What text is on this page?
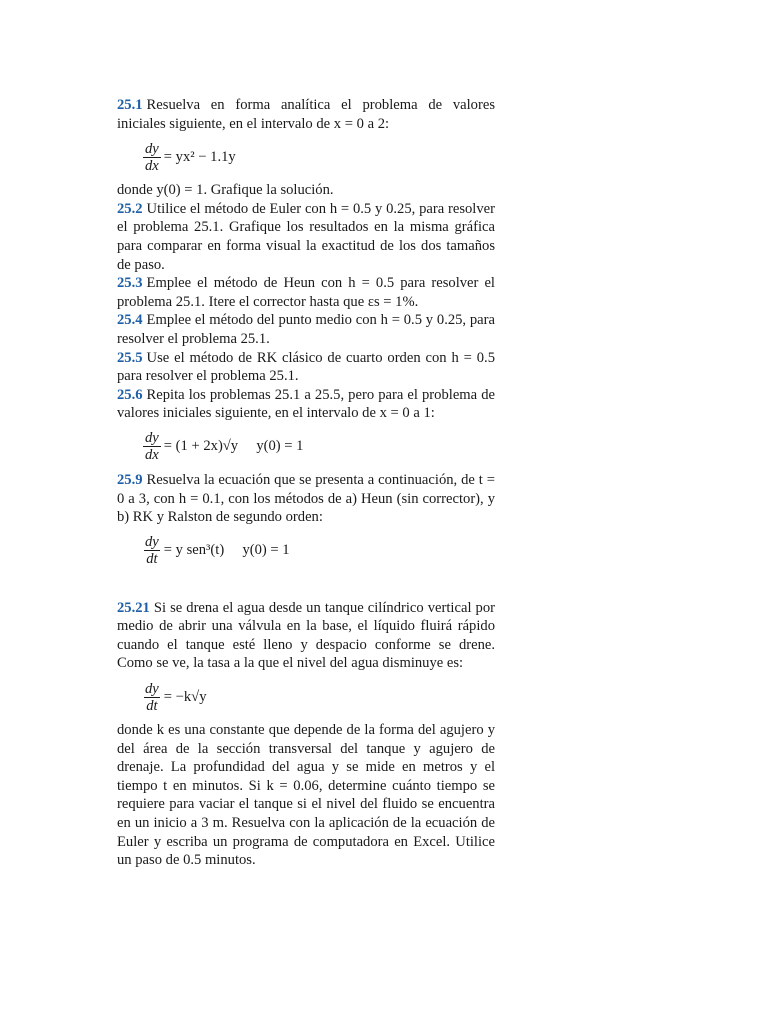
25.1 Resuelva en forma analítica el problema de valores iniciales siguiente, en el intervalo de x = 0 a 2:

$\frac{dy}{dx} = yx^2 - 1.1y$

donde y(0) = 1. Grafique la solución.

25.2 Utilice el método de Euler con h = 0.5 y 0.25, para resolver el problema 25.1. Grafique los resultados en la misma gráfica para comparar en forma visual la exactitud de los dos tamaños de paso.

25.3 Emplee el método de Heun con h = 0.5 para resolver el problema 25.1. Itere el corrector hasta que εs = 1%.

25.4 Emplee el método del punto medio con h = 0.5 y 0.25, para resolver el problema 25.1.

25.5 Use el método de RK clásico de cuarto orden con h = 0.5 para resolver el problema 25.1.

25.6 Repita los problemas 25.1 a 25.5, pero para el problema de valores iniciales siguiente, en el intervalo de x = 0 a 1:

$\frac{dy}{dx} = (1 + 2x)√y$     y(0) = 1

25.9 Resuelva la ecuación que se presenta a continuación, de t = 0 a 3, con h = 0.1, con los métodos de a) Heun (sin corrector), y b) RK y Ralston de segundo orden:

$\frac{dy}{dt} = y$ sen³(t)     y(0) = 1

25.21 Si se drena el agua desde un tanque cilíndrico vertical por medio de abrir una válvula en la base, el líquido fluirá rápido cuando el tanque esté lleno y despacio conforme se drene. Como se ve, la tasa a la que el nivel del agua disminuye es:

$\frac{dy}{dt} = -k√y$

donde k es una constante que depende de la forma del agujero y del área de la sección transversal del tanque y agujero de drenaje. La profundidad del agua y se mide en metros y el tiempo t en minutos. Si k = 0.06, determine cuánto tiempo se requiere para vaciar el tanque si el nivel del fluido se encuentra en un inicio a 3 m. Resuelva con la aplicación de la ecuación de Euler y escriba un programa de computadora en Excel. Utilice un paso de 0.5 minutos.
